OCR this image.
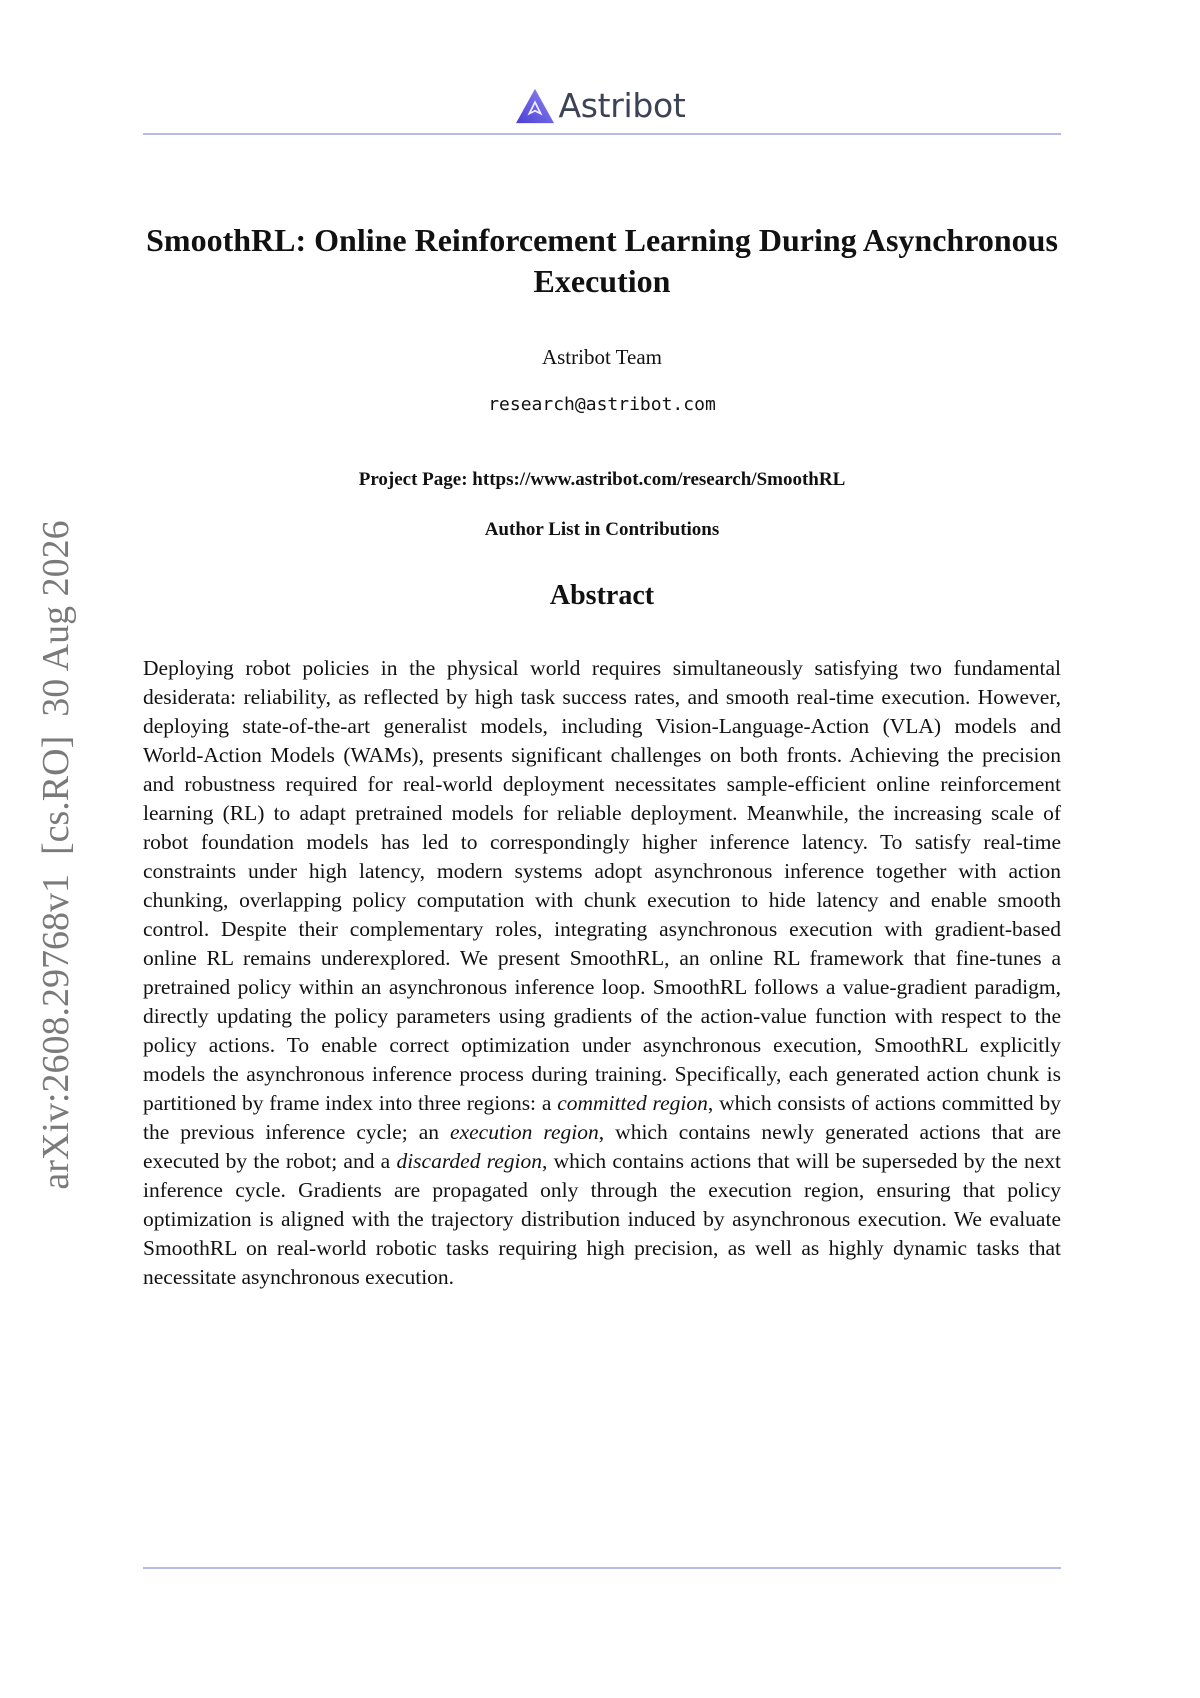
Astribot
arXiv:2608.29768v1  [cs.RO]  30 Aug 2026
SmoothRL: Online Reinforcement Learning During Asynchronous Execution
Astribot Team
research@astribot.com
Project Page: https://www.astribot.com/research/SmoothRL
Author List in Contributions
Abstract

Deploying robot policies in the physical world requires simultaneously satisfying two fundamental desiderata: reliability, as reflected by high task success rates, and smooth real-time execution. However, deploying state-of-the-art generalist models, including Vision-Language-Action (VLA) models and World-Action Models (WAMs), presents significant challenges on both fronts. Achieving the precision and robustness required for real-world deployment necessitates sample-efficient online reinforcement learning (RL) to adapt pretrained models for reliable deployment. Meanwhile, the increasing scale of robot foundation models has led to correspondingly higher inference latency. To satisfy real-time constraints under high latency, modern systems adopt asynchronous inference together with action chunking, overlapping policy computation with chunk execution to hide latency and enable smooth control. Despite their complementary roles, integrating asynchronous execution with gradient-based online RL remains underexplored. We present SmoothRL, an online RL framework that fine-tunes a pretrained policy within an asynchronous inference loop. SmoothRL follows a value-gradient paradigm, directly updating the policy parameters using gradients of the action-value function with respect to the policy actions. To enable correct optimization under asynchronous execution, SmoothRL explicitly models the asynchronous inference process during training. Specifically, each generated action chunk is partitioned by frame index into three regions: a committed region, which consists of actions committed by the previous inference cycle; an execution region, which contains newly generated actions that are executed by the robot; and a discarded region, which contains actions that will be superseded by the next inference cycle. Gradients are propagated only through the execution region, ensuring that policy optimization is aligned with the trajectory distribution induced by asynchronous execution. We evaluate SmoothRL on real-world robotic tasks requiring high precision, as well as highly dynamic tasks that necessitate asynchronous execution.
